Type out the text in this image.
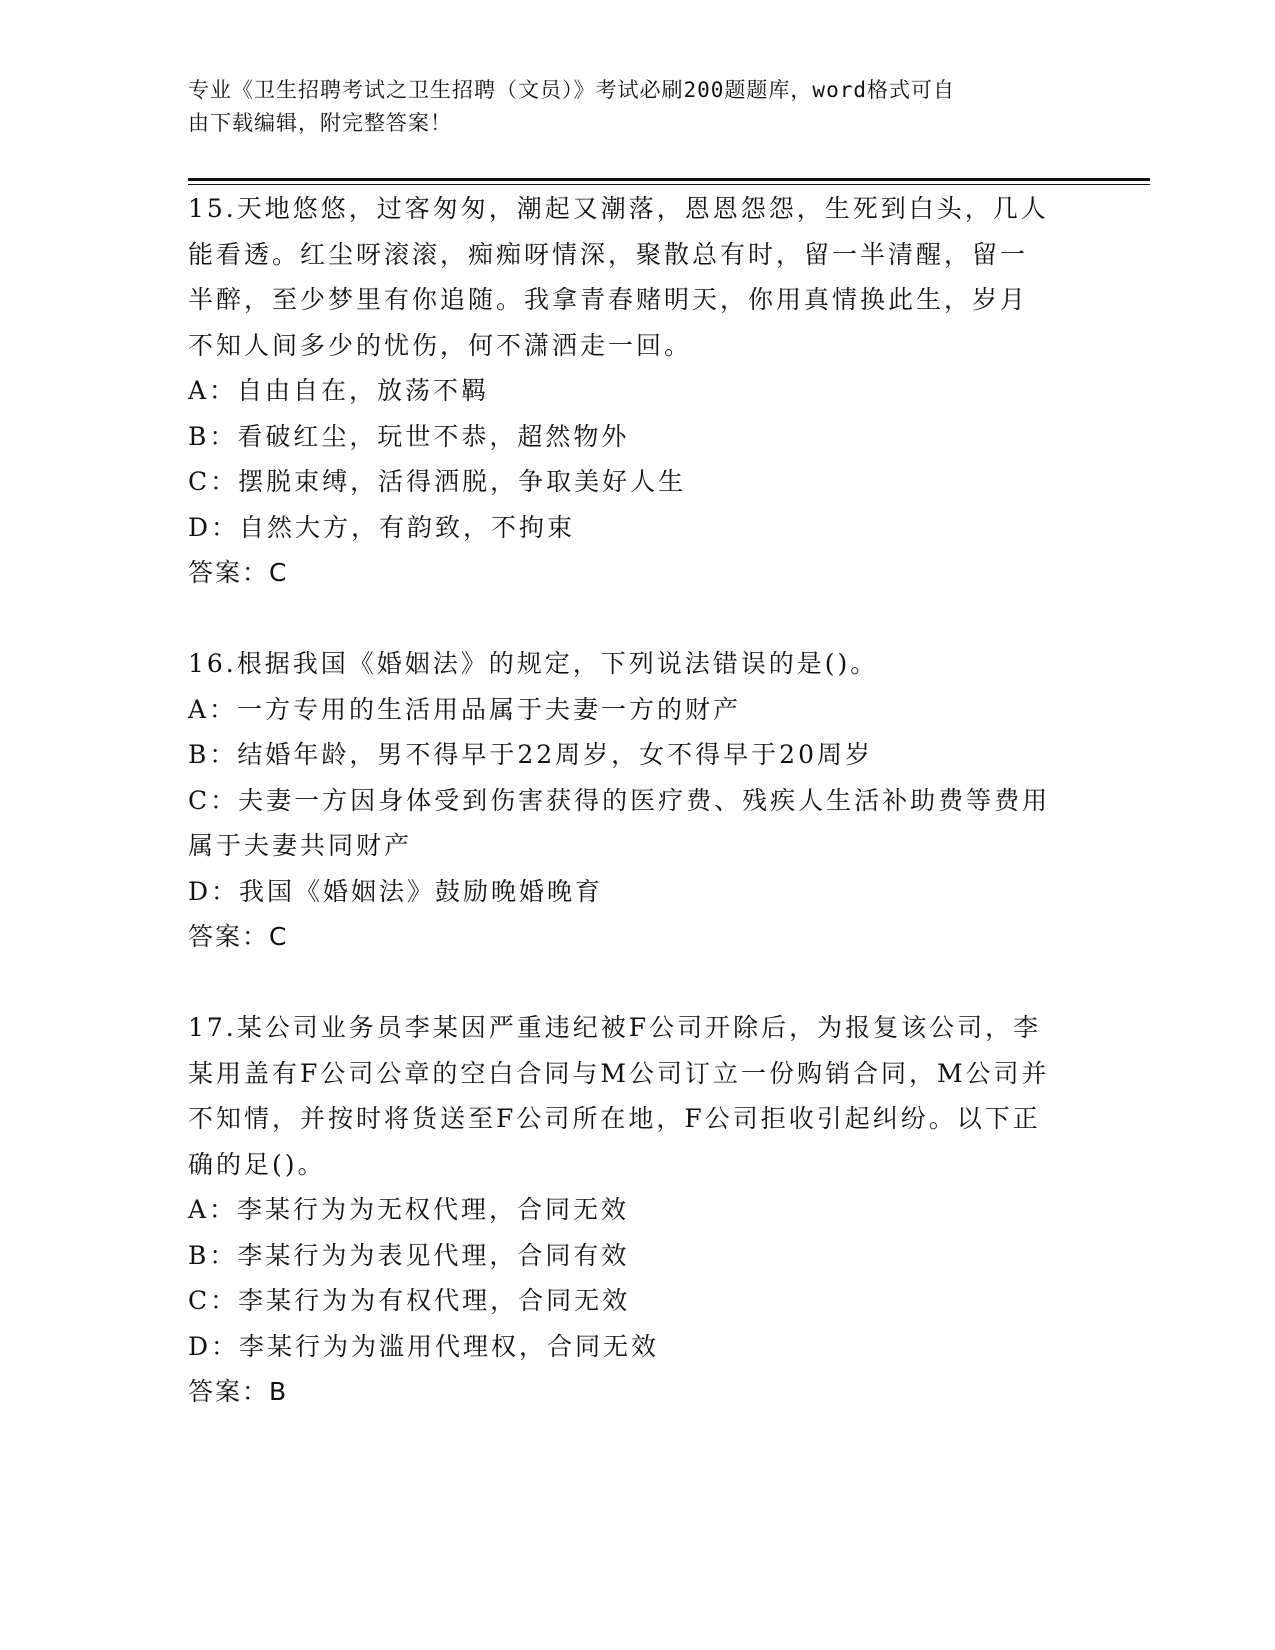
专业《卫生招聘考试之卫生招聘（文员）》考试必刷200题题库，word格式可自
由下载编辑，附完整答案！
15.天地悠悠，过客匆匆，潮起又潮落，恩恩怨怨，生死到白头，几人
能看透。红尘呀滚滚，痴痴呀情深，聚散总有时，留一半清醒，留一
半醉，至少梦里有你追随。我拿青春赌明天，你用真情换此生，岁月
不知人间多少的忧伤，何不潇洒走一回。
A：自由自在，放荡不羁
B：看破红尘，玩世不恭，超然物外
C：摆脱束缚，活得洒脱，争取美好人生
D：自然大方，有韵致，不拘束
答案：C
16.根据我国《婚姻法》的规定，下列说法错误的是()。
A：一方专用的生活用品属于夫妻一方的财产
B：结婚年龄，男不得早于22周岁，女不得早于20周岁
C：夫妻一方因身体受到伤害获得的医疗费、残疾人生活补助费等费用
属于夫妻共同财产
D：我国《婚姻法》鼓励晚婚晚育
答案：C
17.某公司业务员李某因严重违纪被F公司开除后，为报复该公司，李
某用盖有F公司公章的空白合同与M公司订立一份购销合同，M公司并
不知情，并按时将货送至F公司所在地，F公司拒收引起纠纷。以下正
确的足()。
A：李某行为为无权代理，合同无效
B：李某行为为表见代理，合同有效
C：李某行为为有权代理，合同无效
D：李某行为为滥用代理权，合同无效
答案：B
